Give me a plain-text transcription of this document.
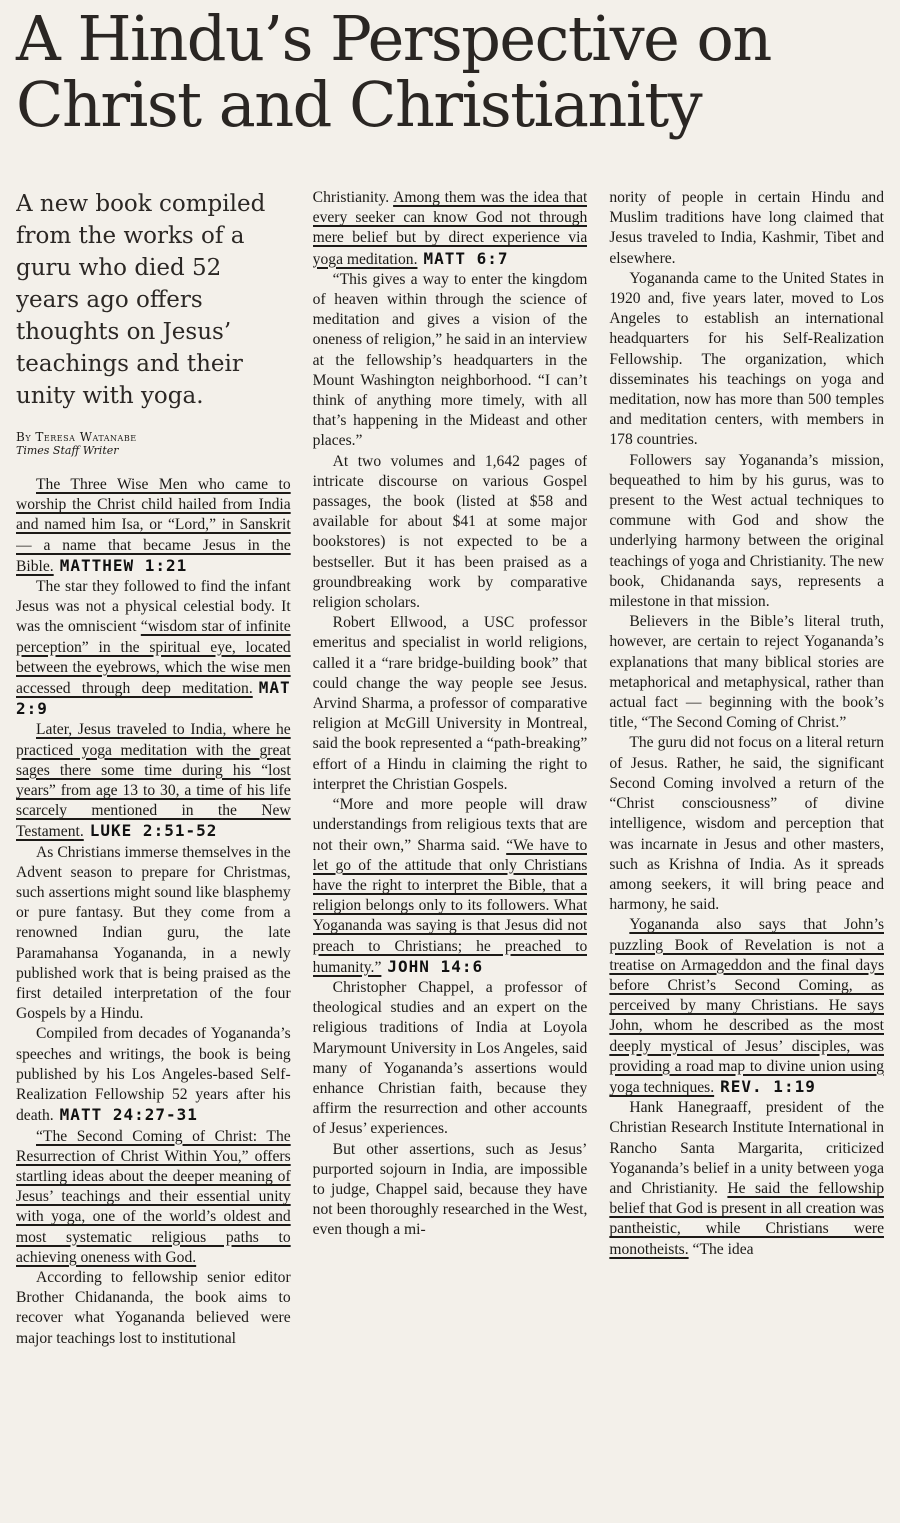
A Hindu’s Perspective on Christ and Christianity

A new book compiled from the works of a guru who died 52 years ago offers thoughts on Jesus’ teachings and their unity with yoga.

By Teresa Watanabe

Times Staff Writer

The Three Wise Men who came to worship the Christ child hailed from India and named him Isa, or “Lord,” in Sanskrit — a name that became Jesus in the Bible. MATTHEW 1:21

The star they followed to find the infant Jesus was not a physical celestial body. It was the omniscient “wisdom star of infinite perception” in the spiritual eye, located between the eyebrows, which the wise men accessed through deep meditation. MAT 2:9

Later, Jesus traveled to India, where he practiced yoga meditation with the great sages there some time during his “lost years” from age 13 to 30, a time of his life scarcely mentioned in the New Testament. LUKE 2:51-52

As Christians immerse themselves in the Advent season to prepare for Christmas, such assertions might sound like blasphemy or pure fantasy. But they come from a renowned Indian guru, the late Paramahansa Yogananda, in a newly published work that is being praised as the first detailed interpretation of the four Gospels by a Hindu.

Compiled from decades of Yogananda’s speeches and writings, the book is being published by his Los Angeles-based Self-Realization Fellowship 52 years after his death. MATT 24:27-31

“The Second Coming of Christ: The Resurrection of Christ Within You,” offers startling ideas about the deeper meaning of Jesus’ teachings and their essential unity with yoga, one of the world’s oldest and most systematic religious paths to achieving oneness with God.

According to fellowship senior editor Brother Chidananda, the book aims to recover what Yogananda believed were major teachings lost to institutional

Christianity. Among them was the idea that every seeker can know God not through mere belief but by direct experience via yoga meditation. MATT 6:7

“This gives a way to enter the kingdom of heaven within through the science of meditation and gives a vision of the oneness of religion,” he said in an interview at the fellowship’s headquarters in the Mount Washington neighborhood. “I can’t think of anything more timely, with all that’s happening in the Mideast and other places.”

At two volumes and 1,642 pages of intricate discourse on various Gospel passages, the book (listed at $58 and available for about $41 at some major bookstores) is not expected to be a bestseller. But it has been praised as a groundbreaking work by comparative religion scholars.

Robert Ellwood, a USC professor emeritus and specialist in world religions, called it a “rare bridge-building book” that could change the way people see Jesus. Arvind Sharma, a professor of comparative religion at McGill University in Montreal, said the book represented a “path-breaking” effort of a Hindu in claiming the right to interpret the Christian Gospels.

“More and more people will draw understandings from religious texts that are not their own,” Sharma said. “We have to let go of the attitude that only Christians have the right to interpret the Bible, that a religion belongs only to its followers. What Yogananda was saying is that Jesus did not preach to Christians; he preached to humanity.” JOHN 14:6

Christopher Chappel, a professor of theological studies and an expert on the religious traditions of India at Loyola Marymount University in Los Angeles, said many of Yogananda’s assertions would enhance Christian faith, because they affirm the resurrection and other accounts of Jesus’ experiences.

But other assertions, such as Jesus’ purported sojourn in India, are impossible to judge, Chappel said, because they have not been thoroughly researched in the West, even though a mi-

nority of people in certain Hindu and Muslim traditions have long claimed that Jesus traveled to India, Kashmir, Tibet and elsewhere.

Yogananda came to the United States in 1920 and, five years later, moved to Los Angeles to establish an international headquarters for his Self-Realization Fellowship. The organization, which disseminates his teachings on yoga and meditation, now has more than 500 temples and meditation centers, with members in 178 countries.

Followers say Yogananda’s mission, bequeathed to him by his gurus, was to present to the West actual techniques to commune with God and show the underlying harmony between the original teachings of yoga and Christianity. The new book, Chidananda says, represents a milestone in that mission.

Believers in the Bible’s literal truth, however, are certain to reject Yogananda’s explanations that many biblical stories are metaphorical and metaphysical, rather than actual fact — beginning with the book’s title, “The Second Coming of Christ.”

The guru did not focus on a literal return of Jesus. Rather, he said, the significant Second Coming involved a return of the “Christ consciousness” of divine intelligence, wisdom and perception that was incarnate in Jesus and other masters, such as Krishna of India. As it spreads among seekers, it will bring peace and harmony, he said.

Yogananda also says that John’s puzzling Book of Revelation is not a treatise on Armageddon and the final days before Christ’s Second Coming, as perceived by many Christians. He says John, whom he described as the most deeply mystical of Jesus’ disciples, was providing a road map to divine union using yoga techniques. REV. 1:19

Hank Hanegraaff, president of the Christian Research Institute International in Rancho Santa Margarita, criticized Yogananda’s belief in a unity between yoga and Christianity. He said the fellowship belief that God is present in all creation was pantheistic, while Christians were monotheists. “The idea
